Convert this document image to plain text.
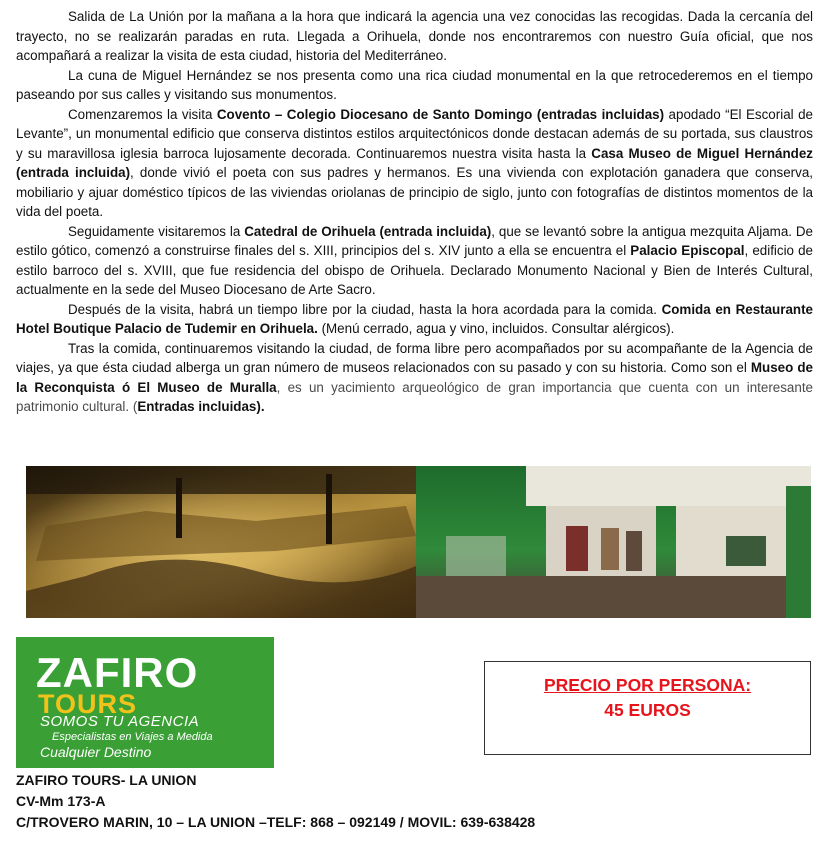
Salida de La Unión por la mañana a la hora que indicará la agencia una vez conocidas las recogidas. Dada la cercanía del trayecto, no se realizarán paradas en ruta. Llegada a Orihuela, donde nos encontraremos con nuestro Guía oficial, que nos acompañará a realizar la visita de esta ciudad, historia del Mediterráneo.

La cuna de Miguel Hernández se nos presenta como una rica ciudad monumental en la que retrocederemos en el tiempo paseando por sus calles y visitando sus monumentos.

Comenzaremos la visita Covento – Colegio Diocesano de Santo Domingo (entradas incluidas) apodado “El Escorial de Levante”, un monumental edificio que conserva distintos estilos arquitectónicos donde destacan además de su portada, sus claustros y su maravillosa iglesia barroca lujosamente decorada. Continuaremos nuestra visita hasta la Casa Museo de Miguel Hernández (entrada incluida), donde vivió el poeta con sus padres y hermanos. Es una vivienda con explotación ganadera que conserva, mobiliario y ajuar doméstico típicos de las viviendas oriolanas de principio de siglo, junto con fotografías de distintos momentos de la vida del poeta.

Seguidamente visitaremos la Catedral de Orihuela (entrada incluida), que se levantó sobre la antigua mezquita Aljama. De estilo gótico, comenzó a construirse finales del s. XIII, principios del s. XIV junto a ella se encuentra el Palacio Episcopal, edificio de estilo barroco del s. XVIII, que fue residencia del obispo de Orihuela. Declarado Monumento Nacional y Bien de Interés Cultural, actualmente en la sede del Museo Diocesano de Arte Sacro.

Después de la visita, habrá un tiempo libre por la ciudad, hasta la hora acordada para la comida. Comida en Restaurante Hotel Boutique Palacio de Tudemir en Orihuela. (Menú cerrado, agua y vino, incluidos. Consultar alérgicos).

Tras la comida, continuaremos visitando la ciudad, de forma libre pero acompañados por su acompañante de la Agencia de viajes, ya que ésta ciudad alberga un gran número de museos relacionados con su pasado y con su historia. Como son el Museo de la Reconquista ó El Museo de Muralla, es un yacimiento arqueológico de gran importancia que cuenta con un interesante patrimonio cultural. (Entradas incluidas).

ZAFIRO
TOURS
SOMOS TU AGENCIA
Especialistas en Viajes a Medida
Cualquier Destino
PRECIO POR PERSONA:
45 EUROS
ZAFIRO TOURS- LA UNION
CV-Mm 173-A
C/TROVERO MARIN, 10 – LA UNION –TELF: 868 – 092149 / MOVIL: 639-638428
